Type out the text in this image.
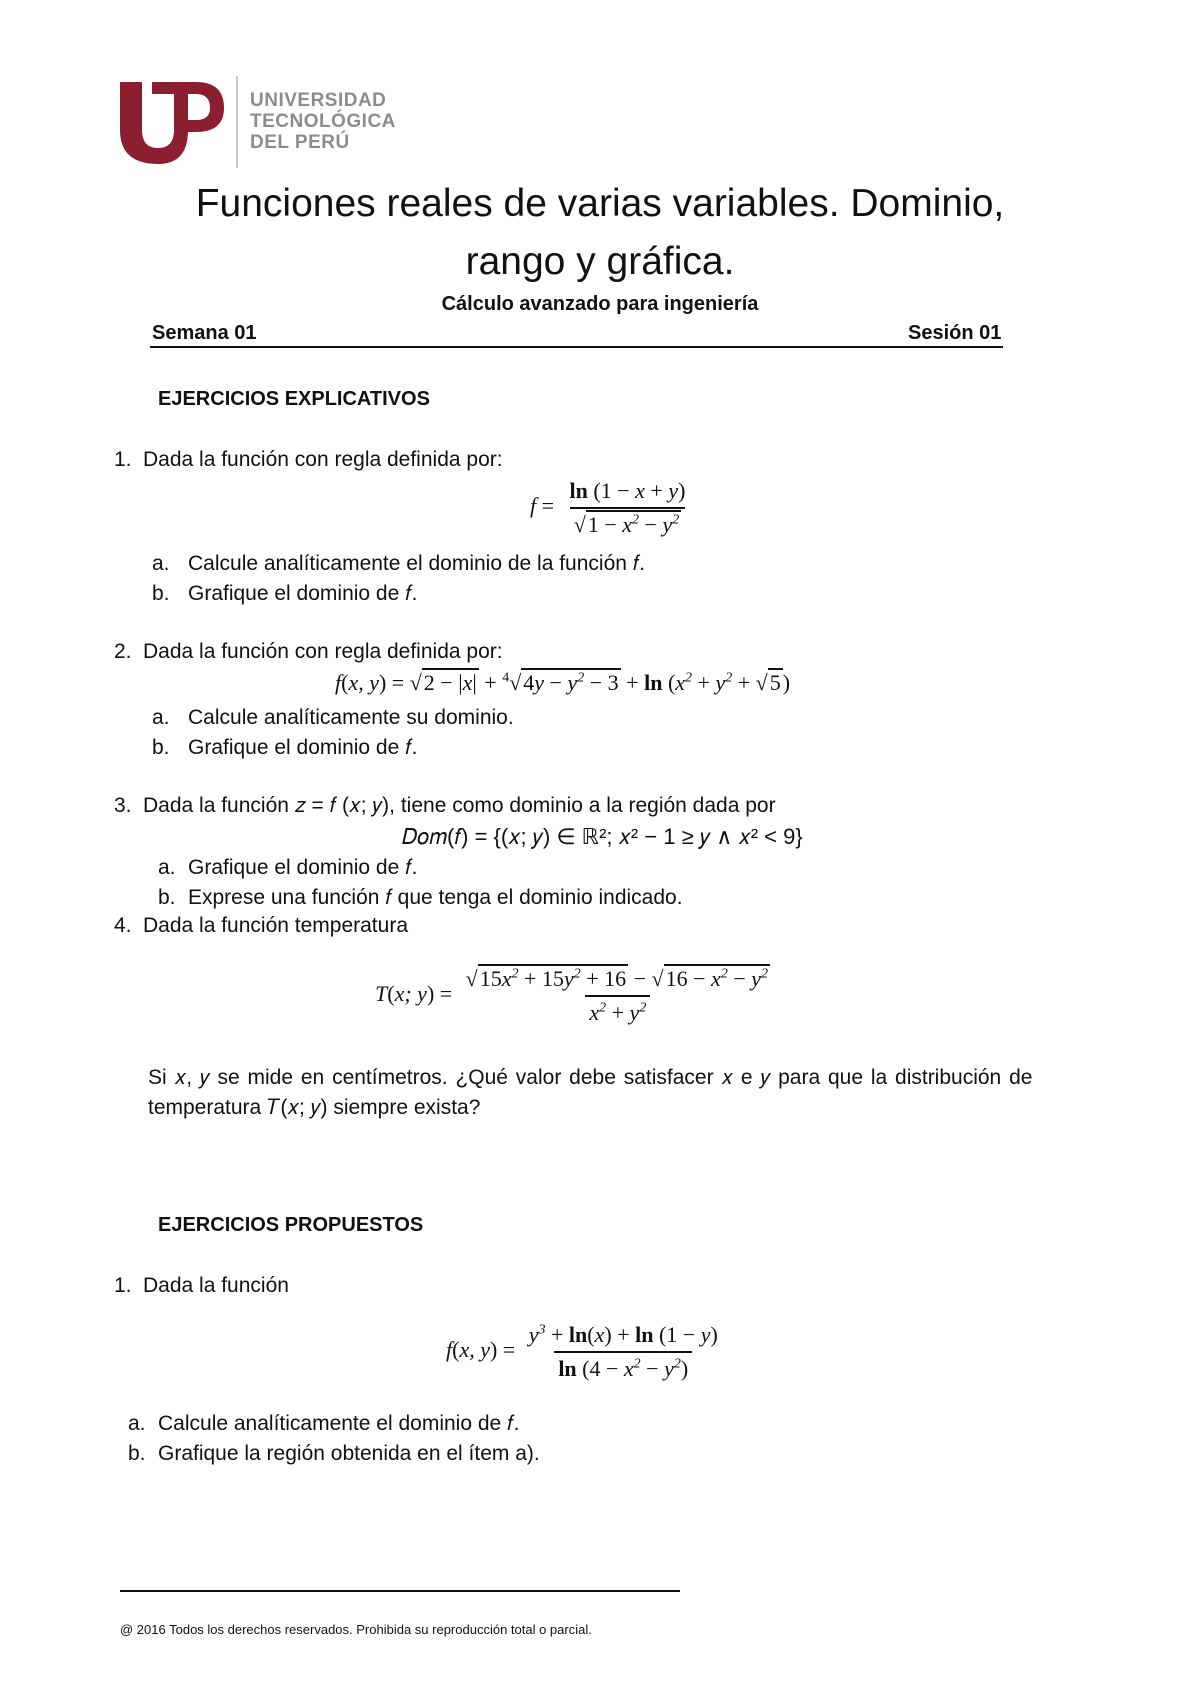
UNIVERSIDAD
TECNOLÓGICA
DEL PERÚ
Funciones reales de varias variables. Dominio,
rango y gráfica.
Cálculo avanzado para ingeniería
Semana 01	Sesión 01
EJERCICIOS EXPLICATIVOS
1. Dada la función con regla definida por:
$f = \frac{\ln (1 - x + y)}{√1 - x^2 - y^2}$
a. Calcule analíticamente el dominio de la función 𝑓.
b. Grafique el dominio de 𝑓.
2. Dada la función con regla definida por:
f(x, $y) = √2 - |x| + ^4√4y - y^2 - 3 + \ln (x^2 + y^2 + √5)$
a. Calcule analíticamente su dominio.
b. Grafique el dominio de 𝑓.
3. Dada la función 𝑧 = 𝑓 (𝑥; 𝑦), tiene como dominio a la región dada por
𝐷𝑜𝑚(𝑓) = {(𝑥; 𝑦) ∈ ℝ²; 𝑥² − 1 ≥ 𝑦 ∧ 𝑥² < 9}
a. Grafique el dominio de 𝑓.
b. Exprese una función 𝑓 que tenga el dominio indicado.
4. Dada la función temperatura
T(x; $y) = \frac{√15x^2 + 15y^2 + 16 - √16 - x^2 - y^2}{x^2 + y^2}$
Si 𝑥, 𝑦 se mide en centímetros. ¿Qué valor debe satisfacer 𝑥 e 𝑦 para que la distribución de
temperatura 𝑇(𝑥; 𝑦) siempre exista?
EJERCICIOS PROPUESTOS
1. Dada la función
f(x, $y) = \frac{y^3 + \ln(x) + \ln (1 - y)}{\ln (4 - x^2 - y^2)}$
a. Calcule analíticamente el dominio de 𝑓.
b. Grafique la región obtenida en el ítem a).
@ 2016 Todos los derechos reservados. Prohibida su reproducción total o parcial.
